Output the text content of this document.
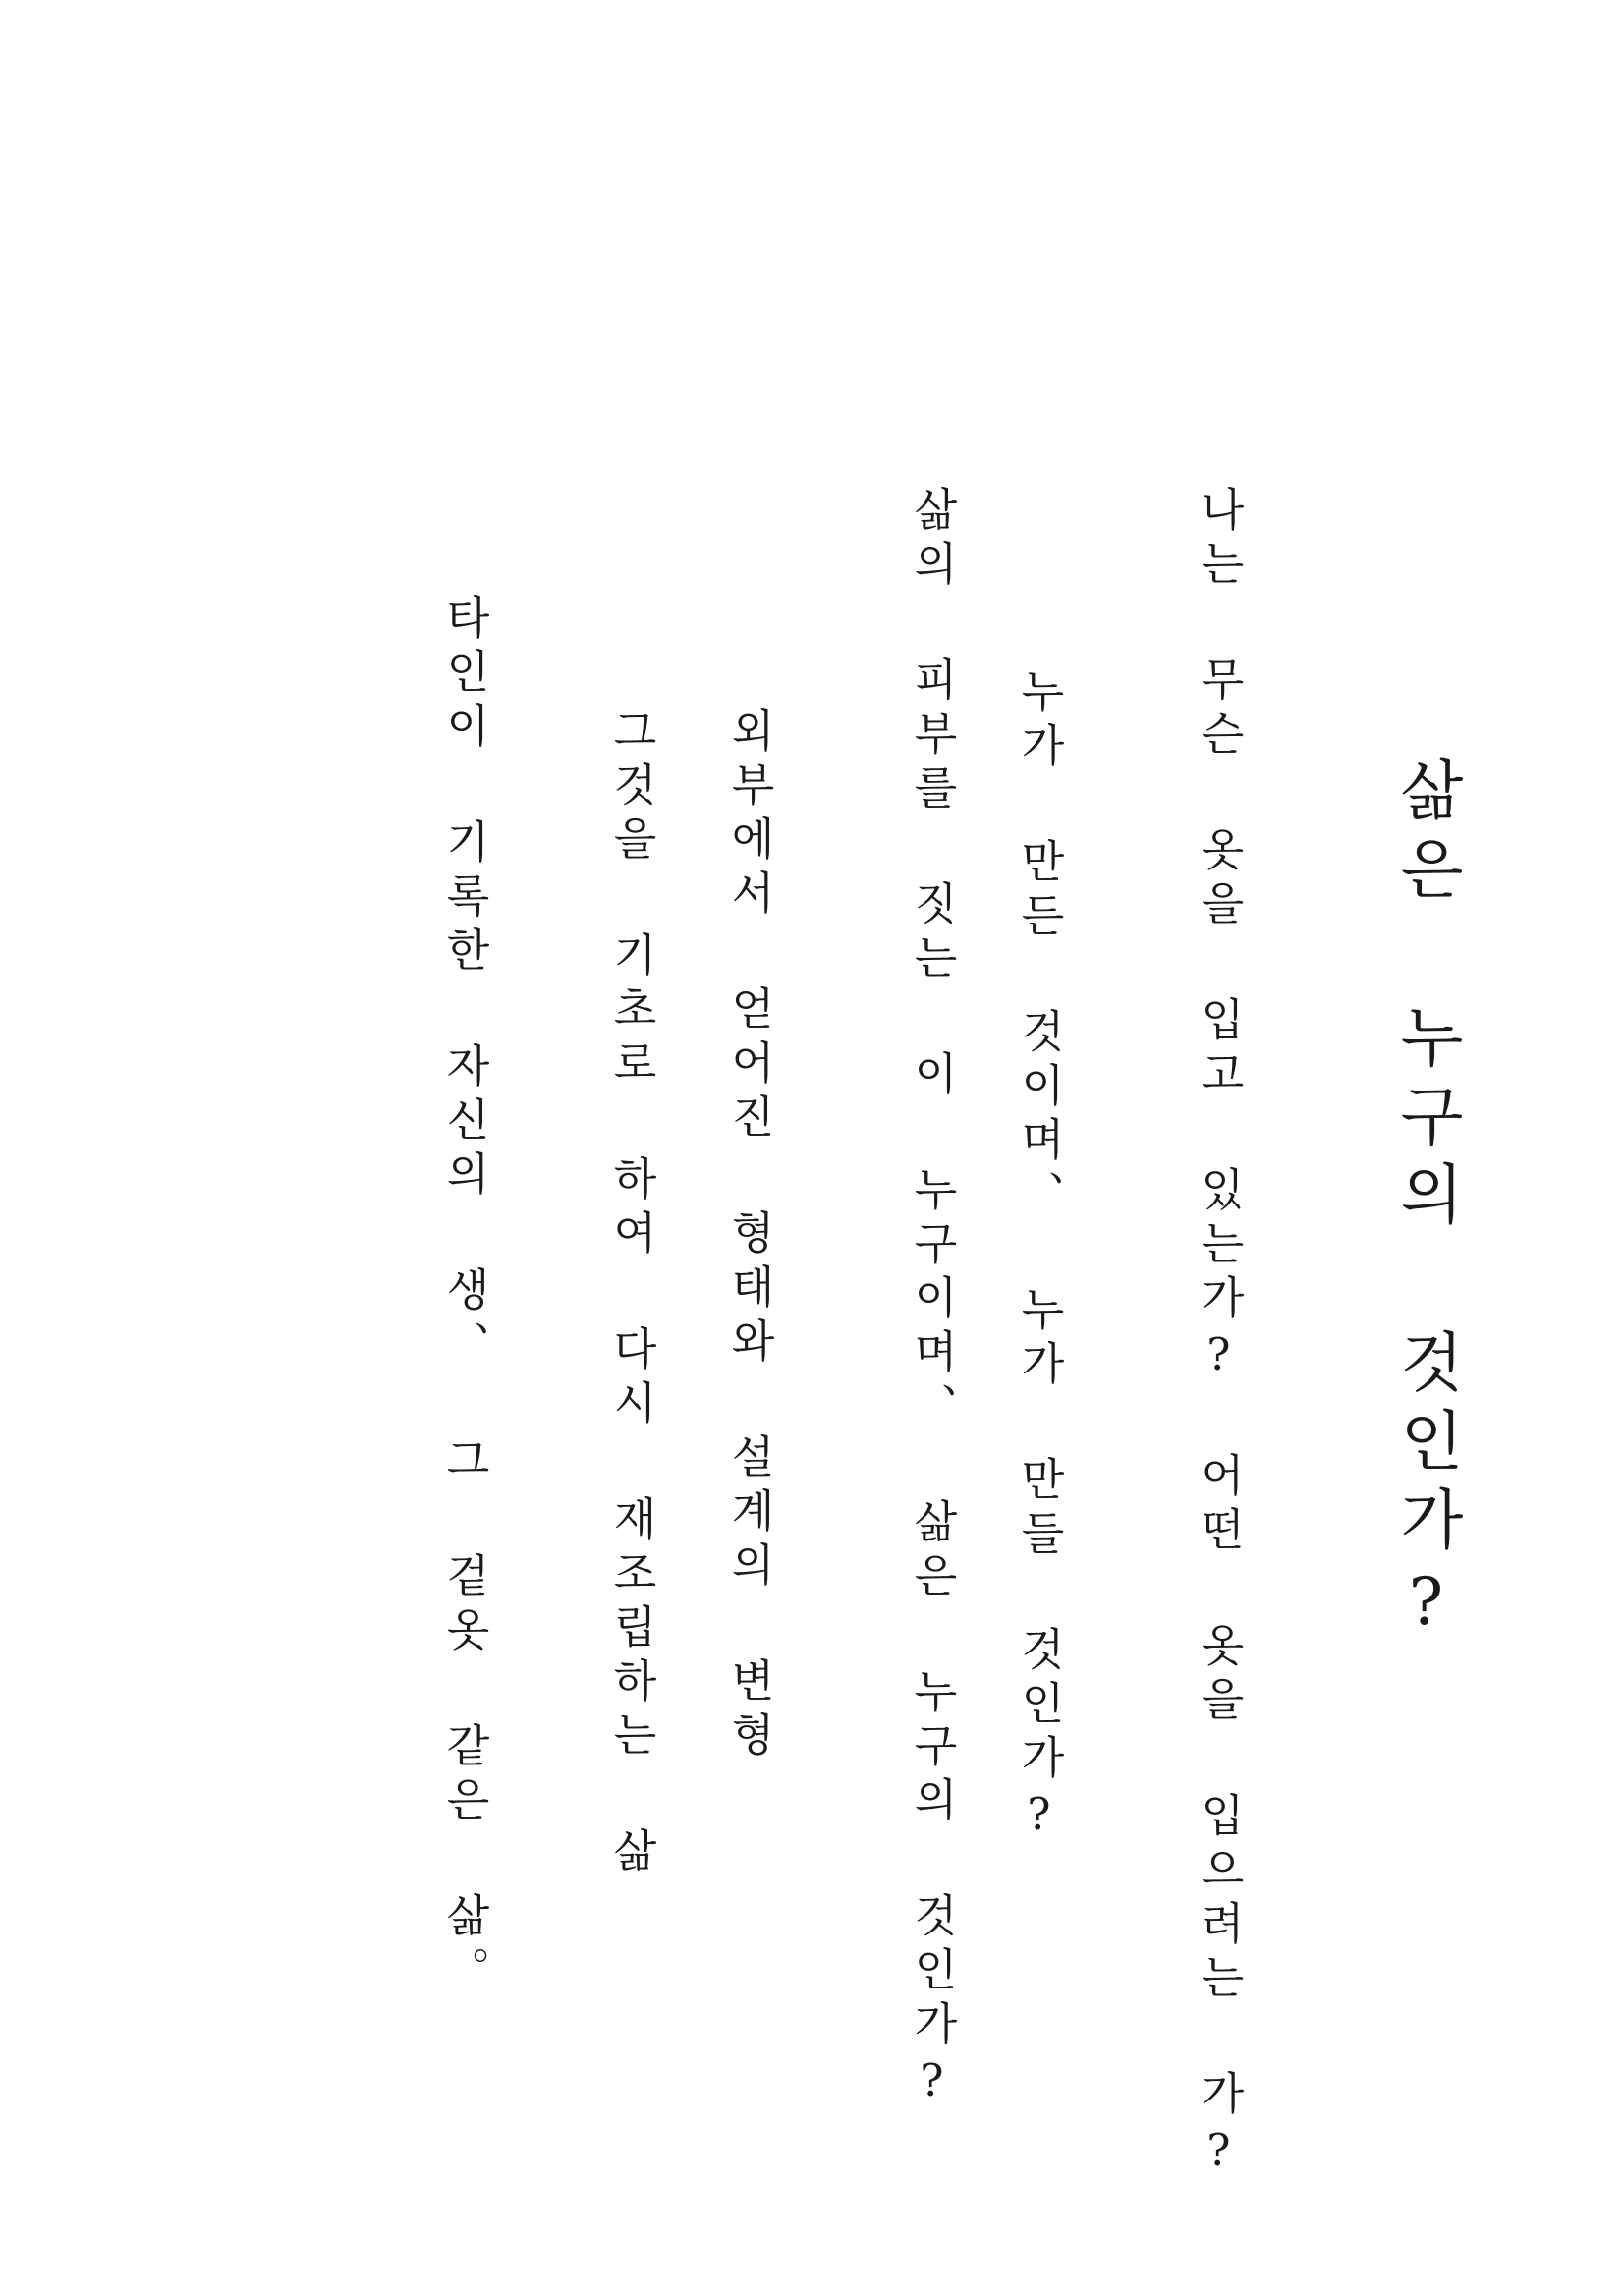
삶은 누구의 것인가?
나는 무슨 옷을 입고 있는가? 어떤 옷을 입으려는 가?
누가 만든 것이며、 누가 만들 것인가?
삶의 피부를 짓는 이 누구이며、 삶은 누구의 것인가?
외부에서 얻어진 형태와 설계의 변형
그것을 기초로 하여 다시 재조립하는 삶
타인이 기록한 자신의 생、 그 겉옷 같은 삶。
